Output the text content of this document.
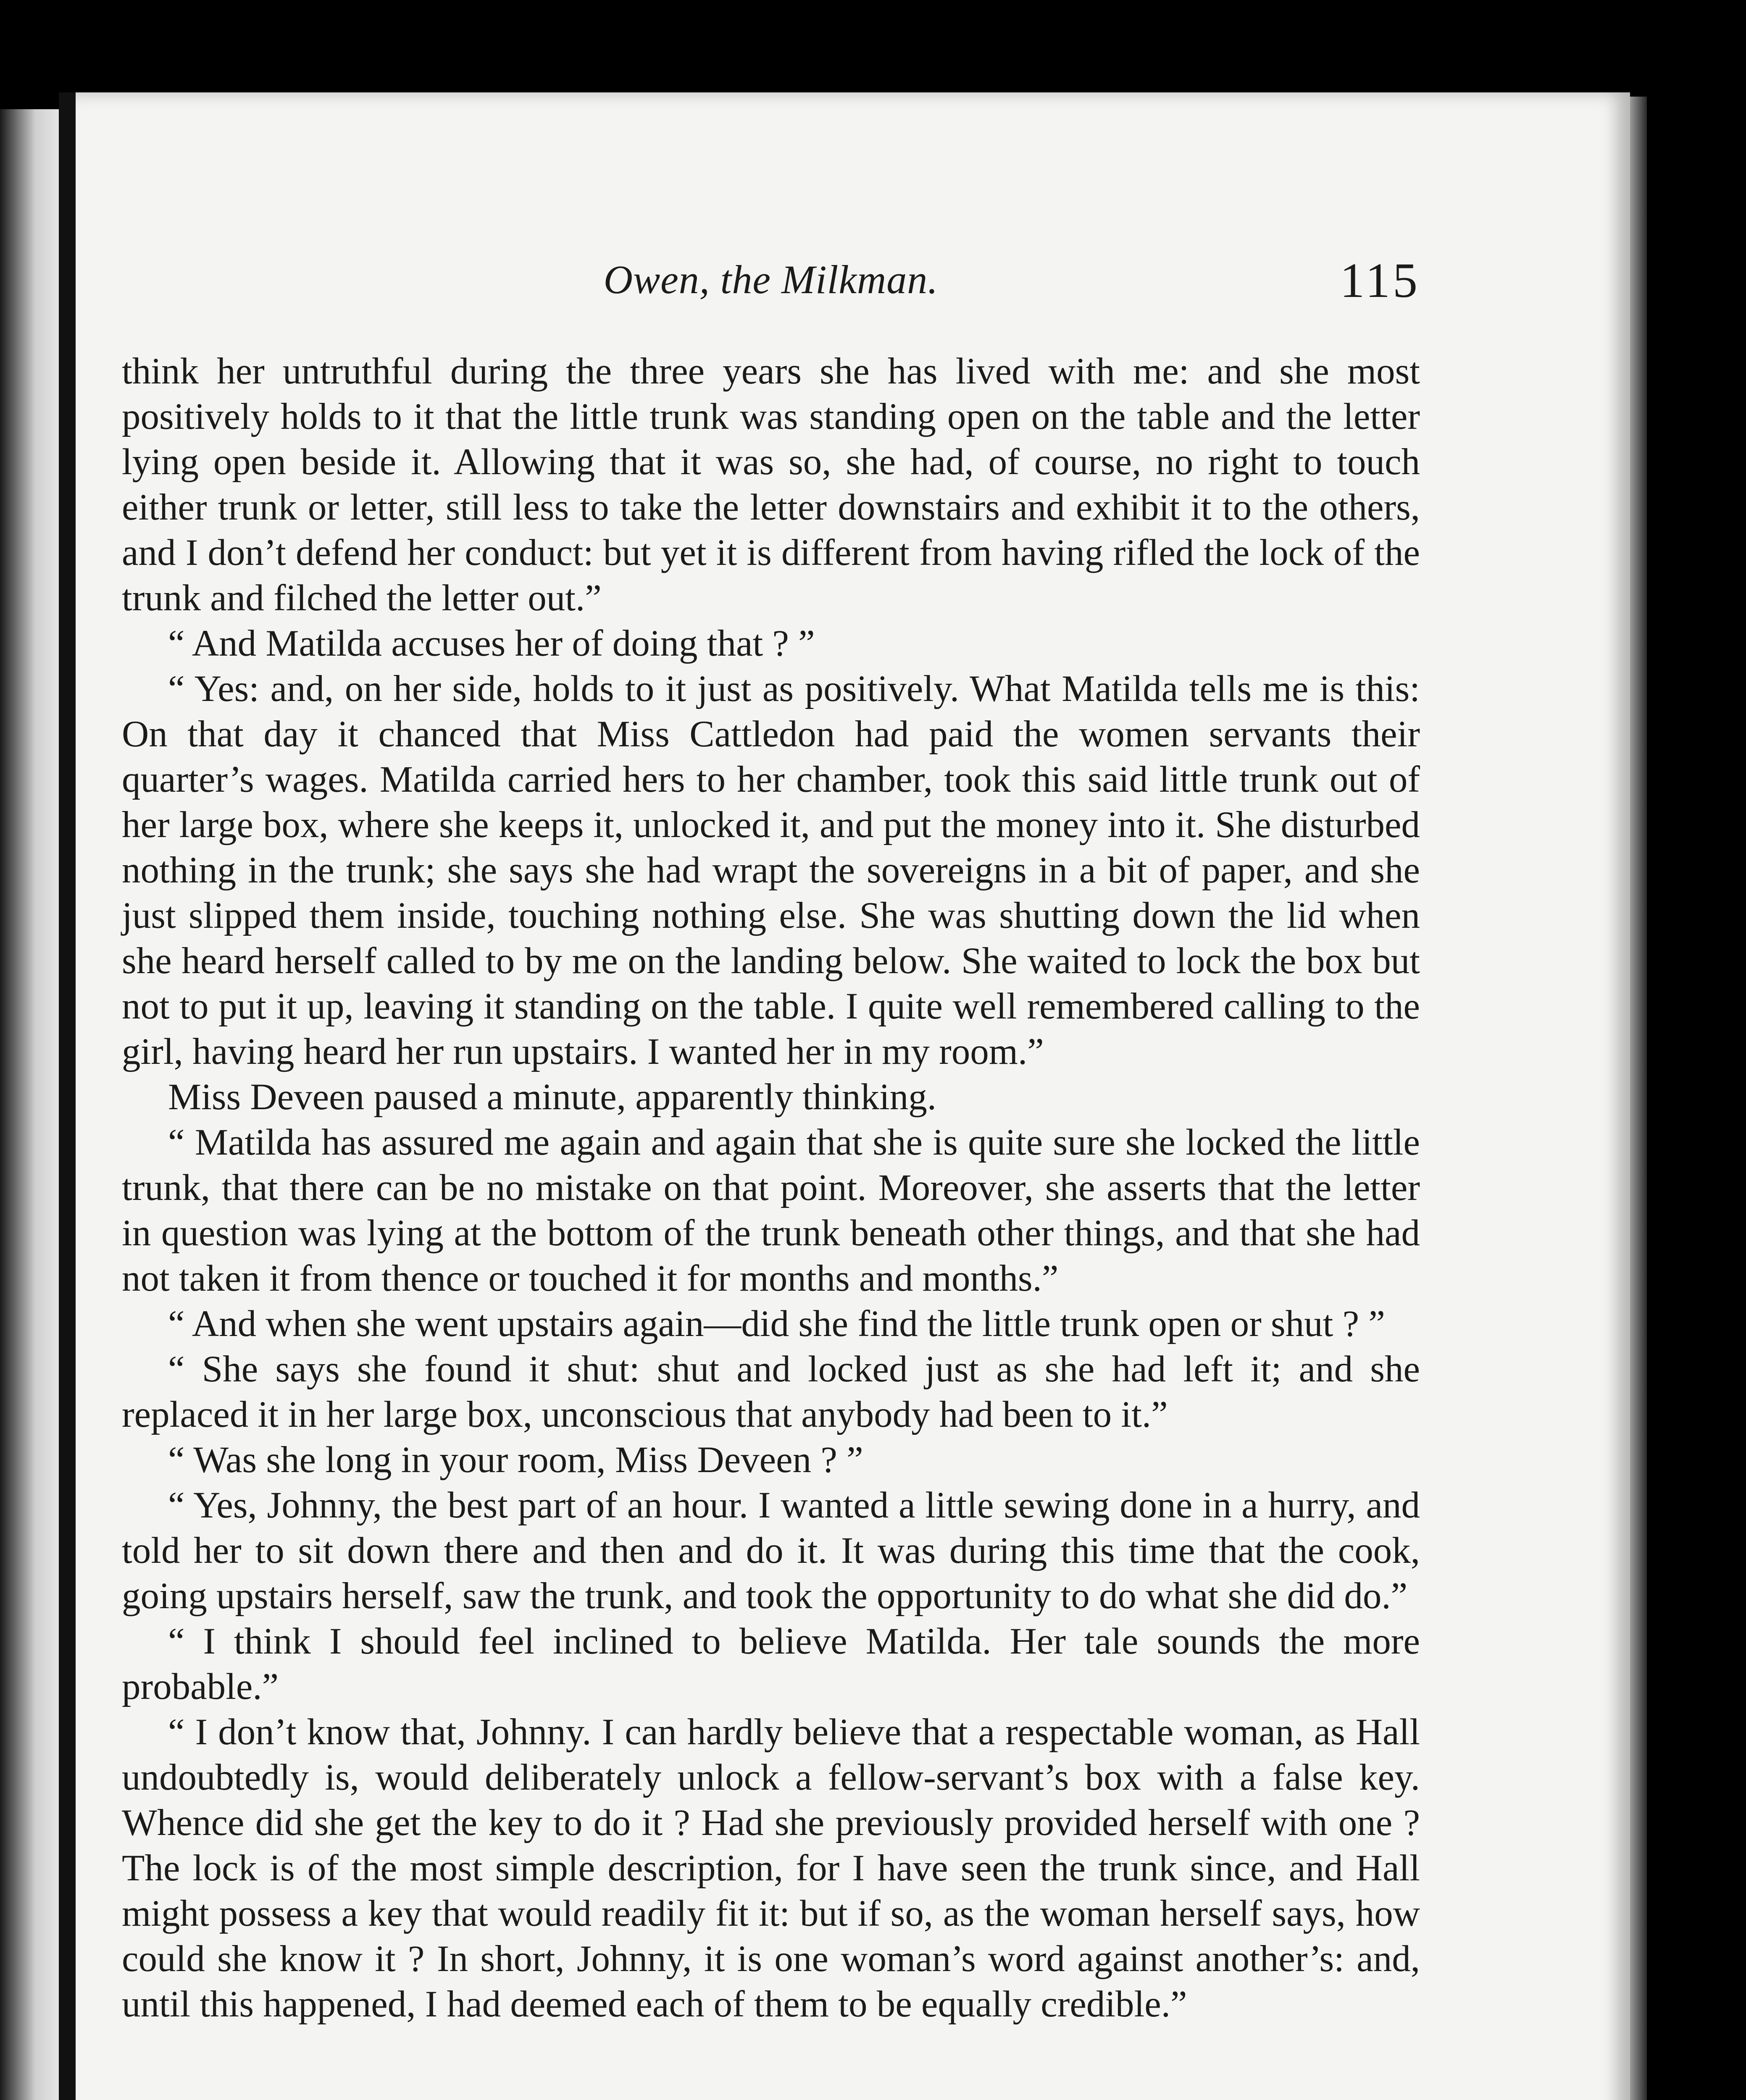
Owen, the Milkman.	115

think her untruthful during the three years she has lived with me: and she most positively holds to it that the little trunk was standing open on the table and the letter lying open beside it. Allowing that it was so, she had, of course, no right to touch either trunk or letter, still less to take the letter downstairs and exhibit it to the others, and I don’t defend her conduct: but yet it is different from having rifled the lock of the trunk and filched the letter out.”

“ And Matilda accuses her of doing that ? ”

“ Yes: and, on her side, holds to it just as positively. What Matilda tells me is this: On that day it chanced that Miss Cattledon had paid the women servants their quarter’s wages. Matilda carried hers to her chamber, took this said little trunk out of her large box, where she keeps it, unlocked it, and put the money into it. She disturbed nothing in the trunk; she says she had wrapt the sovereigns in a bit of paper, and she just slipped them inside, touching nothing else. She was shutting down the lid when she heard herself called to by me on the landing below. She waited to lock the box but not to put it up, leaving it standing on the table. I quite well remembered calling to the girl, having heard her run upstairs. I wanted her in my room.”

Miss Deveen paused a minute, apparently thinking.

“ Matilda has assured me again and again that she is quite sure she locked the little trunk, that there can be no mistake on that point. Moreover, she asserts that the letter in question was lying at the bottom of the trunk beneath other things, and that she had not taken it from thence or touched it for months and months.”

“ And when she went upstairs again—did she find the little trunk open or shut ? ”

“ She says she found it shut: shut and locked just as she had left it; and she replaced it in her large box, unconscious that anybody had been to it.”

“ Was she long in your room, Miss Deveen ? ”

“ Yes, Johnny, the best part of an hour. I wanted a little sewing done in a hurry, and told her to sit down there and then and do it. It was during this time that the cook, going upstairs herself, saw the trunk, and took the opportunity to do what she did do.”

“ I think I should feel inclined to believe Matilda. Her tale sounds the more probable.”

“ I don’t know that, Johnny. I can hardly believe that a respectable woman, as Hall undoubtedly is, would deliberately unlock a fellow-servant’s box with a false key. Whence did she get the key to do it ? Had she previously provided herself with one ? The lock is of the most simple description, for I have seen the trunk since, and Hall might possess a key that would readily fit it: but if so, as the woman herself says, how could she know it ? In short, Johnny, it is one woman’s word against another’s: and, until this happened, I had deemed each of them to be equally credible.”
